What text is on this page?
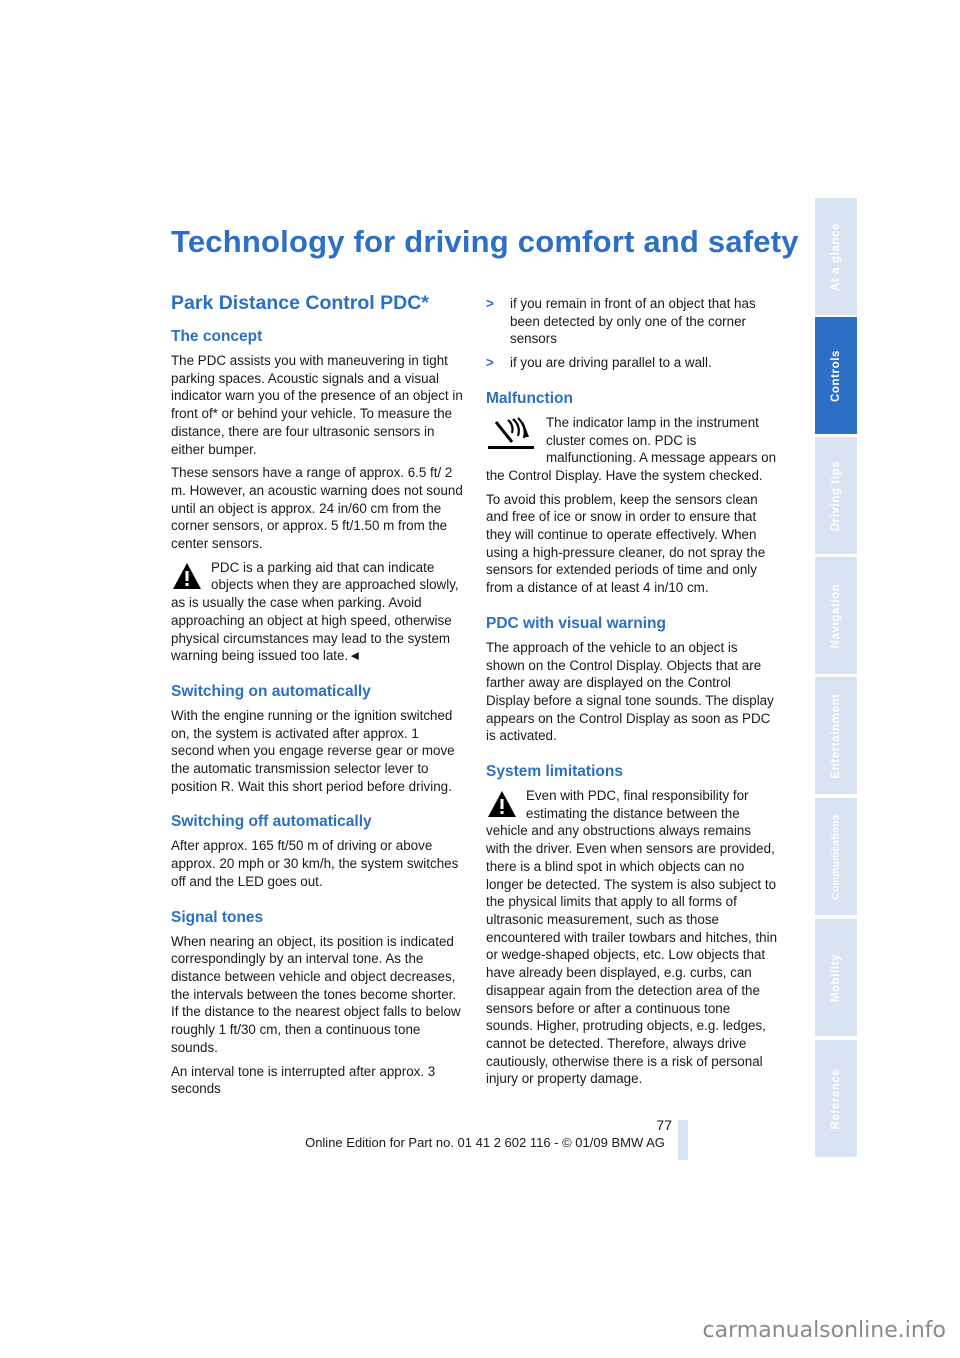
Technology for driving comfort and safety
Park Distance Control PDC*
The concept

The PDC assists you with maneuvering in tight parking spaces. Acoustic signals and a visual indicator warn you of the presence of an object in front of* or behind your vehicle. To measure the distance, there are four ultrasonic sensors in either bumper.

These sensors have a range of approx. 6.5 ft/ 2 m. However, an acoustic warning does not sound until an object is approx. 24 in/60 cm from the corner sensors, or approx. 5 ft/1.50 m from the center sensors.

PDC is a parking aid that can indicate objects when they are approached slowly, as is usually the case when parking. Avoid approaching an object at high speed, otherwise physical circumstances may lead to the system warning being issued too late.◄
Switching on automatically

With the engine running or the ignition switched on, the system is activated after approx. 1 second when you engage reverse gear or move the automatic transmission selector lever to position R. Wait this short period before driving.

Switching off automatically

After approx. 165 ft/50 m of driving or above approx. 20 mph or 30 km/h, the system switches off and the LED goes out.

Signal tones

When nearing an object, its position is indicated correspondingly by an interval tone. As the distance between vehicle and object decreases, the intervals between the tones become shorter. If the distance to the nearest object falls to below roughly 1 ft/30 cm, then a continuous tone sounds.

An interval tone is interrupted after approx. 3 seconds

> if you remain in front of an object that has been detected by only one of the corner sensors
> if you are driving parallel to a wall.
Malfunction
The indicator lamp in the instrument cluster comes on. PDC is malfunctioning. A message appears on the Control Display. Have the system checked.

To avoid this problem, keep the sensors clean and free of ice or snow in order to ensure that they will continue to operate effectively. When using a high-pressure cleaner, do not spray the sensors for extended periods of time and only from a distance of at least 4 in/10 cm.

PDC with visual warning

The approach of the vehicle to an object is shown on the Control Display. Objects that are farther away are displayed on the Control Display before a signal tone sounds. The display appears on the Control Display as soon as PDC is activated.

System limitations
Even with PDC, final responsibility for estimating the distance between the vehicle and any obstructions always remains with the driver. Even when sensors are provided, there is a blind spot in which objects can no longer be detected. The system is also subject to the physical limits that apply to all forms of ultrasonic measurement, such as those encountered with trailer towbars and hitches, thin or wedge-shaped objects, etc. Low objects that have already been displayed, e.g. curbs, can disappear again from the detection area of the sensors before or after a continuous tone sounds. Higher, protruding objects, e.g. ledges, cannot be detected. Therefore, always drive cautiously, otherwise there is a risk of personal injury or property damage.
At a glance
Controls
Driving tips
Navigation
Entertainment
Communications
Mobility
Reference
77
Online Edition for Part no. 01 41 2 602 116 - © 01/09 BMW AG
carmanualsonline.info
